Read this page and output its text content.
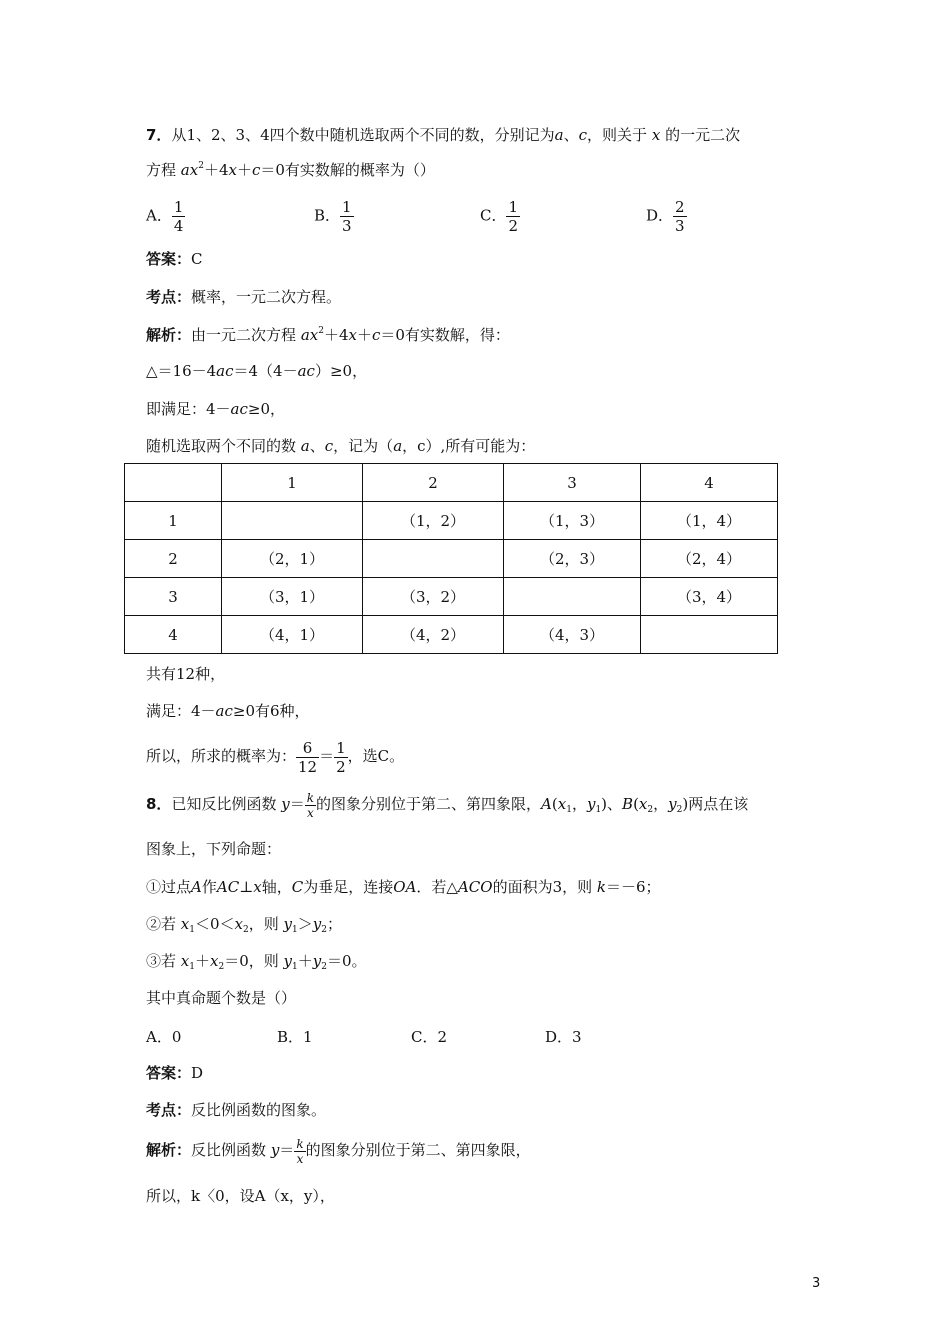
7．从1、2、3、4四个数中随机选取两个不同的数，分别记为a、c，则关于 x 的一元二次
方程 $ax^2+4x+c=0$有实数解的概率为（）
A． $\frac{1}{4}$	B． $\frac{1}{3}$	C． $\frac{1}{2}$	D． $\frac{2}{3}$
答案：C
考点：概率，一元二次方程。
解析：由一元二次方程 $ax^2+4x+c=0$有实数解，得：
△＝16－4ac＝4（4－ac）≥0，
即满足：4－ac≥0，
随机选取两个不同的数 a、c，记为（a，c）,所有可能为：
	1	2	3	4
1		（1，2）	（1，3）	（1，4）
2	（2，1）		（2，3）	（2，4）
3	（3，1）	（3，2）		（3，4）
4	（4，1）	（4，2）	（4，3）	
共有12种，
满足：4－ac≥0有6种，
所以，所求的概率为： $\frac{6}{12} = \frac{1}{2}$ ，选C。
8．已知反比例函数 $y= \frac{k}{x}$ 的图象分别位于第二、第四象限，$A(x_1$，$y_1$)、$B(x_2$，$y_2$)两点在该
图象上，下列命题：
①过点A作AC⊥x轴，C为垂足，连接OA．若△ACO的面积为3，则 k＝－6；
②若 $x_1<0<x_2$，则 $y_1>y_2$；
③若 $x_1+x_2=0$，则 $y_1+y_2=0$。
其中真命题个数是（）
A．0	B．1	C．2	D．3
答案：D
考点：反比例函数的图象。
解析：反比例函数 $y= \frac{k}{x}$ 的图象分别位于第二、第四象限，
所以，k〈0，设A（x，y），
3
